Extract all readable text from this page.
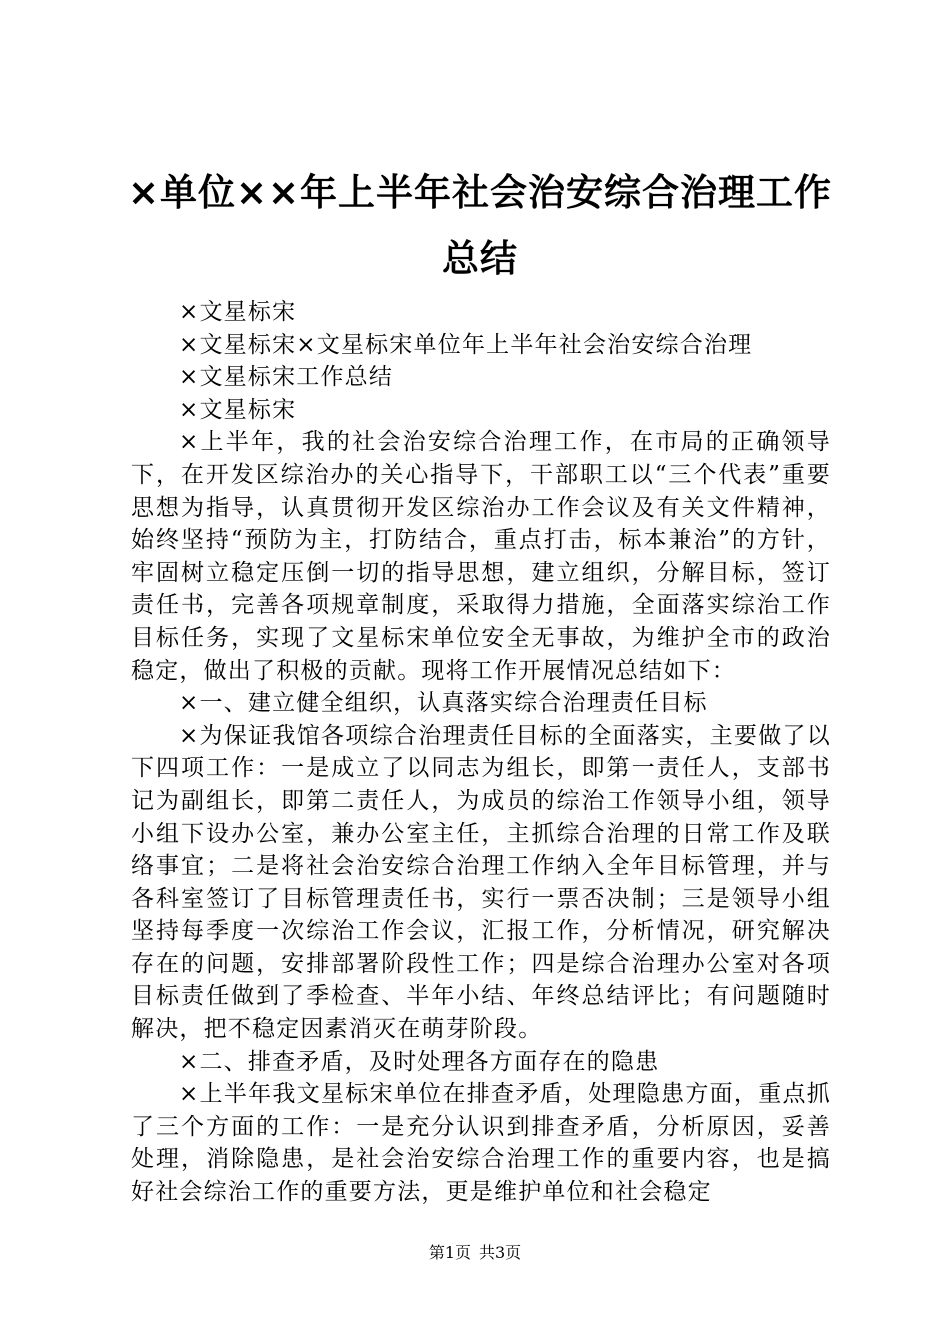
×单位××年上半年社会治安综合治理工作总结

×文星标宋

×文星标宋×文星标宋单位年上半年社会治安综合治理

×文星标宋工作总结

×文星标宋

×上半年，我的社会治安综合治理工作，在市局的正确领导下，在开发区综治办的关心指导下，干部职工以“三个代表”重要思想为指导，认真贯彻开发区综治办工作会议及有关文件精神，始终坚持“预防为主，打防结合，重点打击，标本兼治”的方针，牢固树立稳定压倒一切的指导思想，建立组织，分解目标，签订责任书，完善各项规章制度，采取得力措施，全面落实综治工作目标任务，实现了文星标宋单位安全无事故，为维护全市的政治稳定，做出了积极的贡献。现将工作开展情况总结如下：

×一、建立健全组织，认真落实综合治理责任目标

×为保证我馆各项综合治理责任目标的全面落实，主要做了以下四项工作：一是成立了以同志为组长，即第一责任人，支部书记为副组长，即第二责任人，为成员的综治工作领导小组，领导小组下设办公室，兼办公室主任，主抓综合治理的日常工作及联络事宜；二是将社会治安综合治理工作纳入全年目标管理，并与各科室签订了目标管理责任书，实行一票否决制；三是领导小组坚持每季度一次综治工作会议，汇报工作，分析情况，研究解决存在的问题，安排部署阶段性工作；四是综合治理办公室对各项目标责任做到了季检查、半年小结、年终总结评比；有问题随时解决，把不稳定因素消灭在萌芽阶段。

×二、排查矛盾，及时处理各方面存在的隐患

×上半年我文星标宋单位在排查矛盾，处理隐患方面，重点抓了三个方面的工作：一是充分认识到排查矛盾，分析原因，妥善处理，消除隐患，是社会治安综合治理工作的重要内容，也是搞好社会综治工作的重要方法，更是维护单位和社会稳定

第1页 共3页
